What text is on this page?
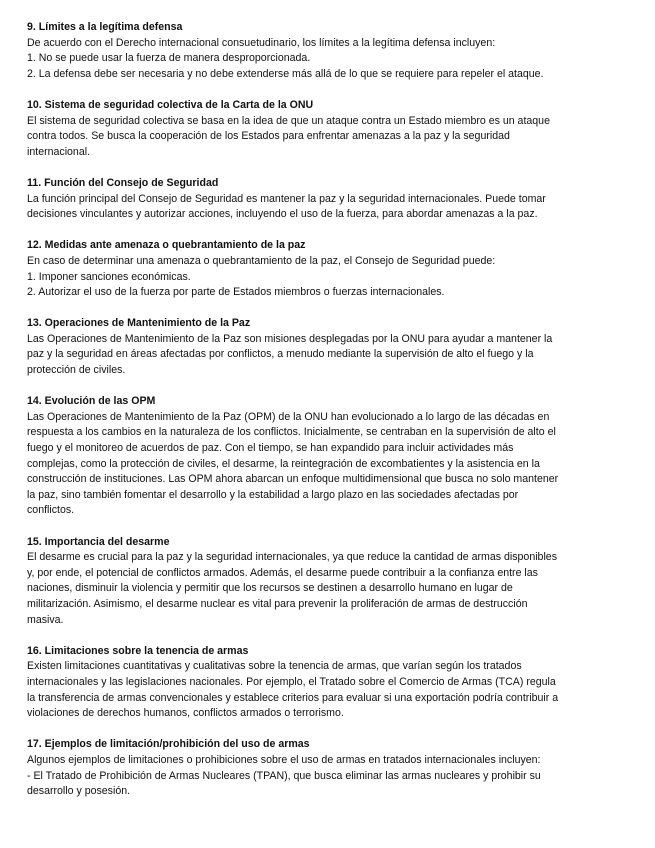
9. Límites a la legítima defensa

De acuerdo con el Derecho internacional consuetudinario, los límites a la legítima defensa incluyen:

1. No se puede usar la fuerza de manera desproporcionada.

2. La defensa debe ser necesaria y no debe extenderse más allá de lo que se requiere para repeler el ataque.

10. Sistema de seguridad colectiva de la Carta de la ONU

El sistema de seguridad colectiva se basa en la idea de que un ataque contra un Estado miembro es un ataque

contra todos. Se busca la cooperación de los Estados para enfrentar amenazas a la paz y la seguridad

internacional.

11. Función del Consejo de Seguridad

La función principal del Consejo de Seguridad es mantener la paz y la seguridad internacionales. Puede tomar

decisiones vinculantes y autorizar acciones, incluyendo el uso de la fuerza, para abordar amenazas a la paz.

12. Medidas ante amenaza o quebrantamiento de la paz

En caso de determinar una amenaza o quebrantamiento de la paz, el Consejo de Seguridad puede:

1. Imponer sanciones económicas.

2. Autorizar el uso de la fuerza por parte de Estados miembros o fuerzas internacionales.

13. Operaciones de Mantenimiento de la Paz

Las Operaciones de Mantenimiento de la Paz son misiones desplegadas por la ONU para ayudar a mantener la

paz y la seguridad en áreas afectadas por conflictos, a menudo mediante la supervisión de alto el fuego y la

protección de civiles.

14. Evolución de las OPM

Las Operaciones de Mantenimiento de la Paz (OPM) de la ONU han evolucionado a lo largo de las décadas en

respuesta a los cambios en la naturaleza de los conflictos. Inicialmente, se centraban en la supervisión de alto el

fuego y el monitoreo de acuerdos de paz. Con el tiempo, se han expandido para incluir actividades más

complejas, como la protección de civiles, el desarme, la reintegración de excombatientes y la asistencia en la

construcción de instituciones. Las OPM ahora abarcan un enfoque multidimensional que busca no solo mantener

la paz, sino también fomentar el desarrollo y la estabilidad a largo plazo en las sociedades afectadas por

conflictos.

15. Importancia del desarme

El desarme es crucial para la paz y la seguridad internacionales, ya que reduce la cantidad de armas disponibles

y, por ende, el potencial de conflictos armados. Además, el desarme puede contribuir a la confianza entre las

naciones, disminuir la violencia y permitir que los recursos se destinen a desarrollo humano en lugar de

militarización. Asimismo, el desarme nuclear es vital para prevenir la proliferación de armas de destrucción

masiva.

16. Limitaciones sobre la tenencia de armas

Existen limitaciones cuantitativas y cualitativas sobre la tenencia de armas, que varían según los tratados

internacionales y las legislaciones nacionales. Por ejemplo, el Tratado sobre el Comercio de Armas (TCA) regula

la transferencia de armas convencionales y establece criterios para evaluar si una exportación podría contribuir a

violaciones de derechos humanos, conflictos armados o terrorismo.

17. Ejemplos de limitación/prohibición del uso de armas

Algunos ejemplos de limitaciones o prohibiciones sobre el uso de armas en tratados internacionales incluyen:

- El Tratado de Prohibición de Armas Nucleares (TPAN), que busca eliminar las armas nucleares y prohibir su

desarrollo y posesión.
